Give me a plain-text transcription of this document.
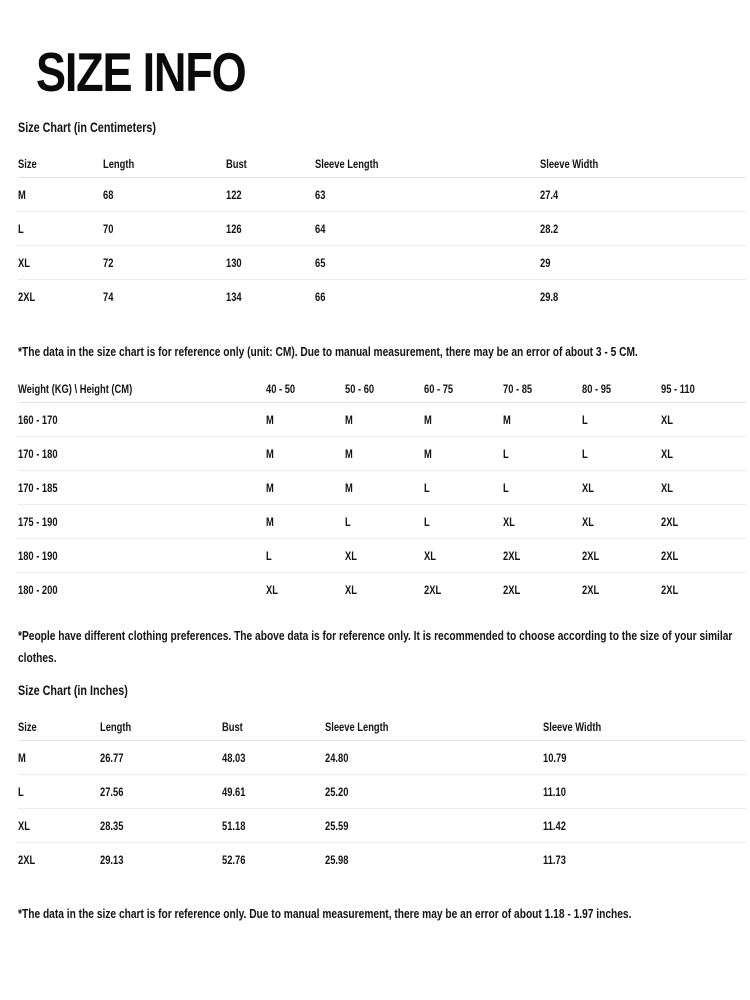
SIZE INFO
Size Chart (in Centimeters)
Size	Length	Bust	Sleeve Length	Sleeve Width
M	68	122	63	27.4
L	70	126	64	28.2
XL	72	130	65	29
2XL	74	134	66	29.8

*The data in the size chart is for reference only (unit: CM). Due to manual measurement, there may be an error of about 3 - 5 CM.

Weight (KG) \ Height (CM)	40 - 50	50 - 60	60 - 75	70 - 85	80 - 95	95 - 110
160 - 170	M	M	M	M	L	XL
170 - 180	M	M	M	L	L	XL
170 - 185	M	M	L	L	XL	XL
175 - 190	M	L	L	XL	XL	2XL
180 - 190	L	XL	XL	2XL	2XL	2XL
180 - 200	XL	XL	2XL	2XL	2XL	2XL

*People have different clothing preferences. The above data is for reference only. It is recommended to choose according to the size of your similar clothes.

Size Chart (in Inches)
Size	Length	Bust	Sleeve Length	Sleeve Width
M	26.77	48.03	24.80	10.79
L	27.56	49.61	25.20	11.10
XL	28.35	51.18	25.59	11.42
2XL	29.13	52.76	25.98	11.73

*The data in the size chart is for reference only. Due to manual measurement, there may be an error of about 1.18 - 1.97 inches.
